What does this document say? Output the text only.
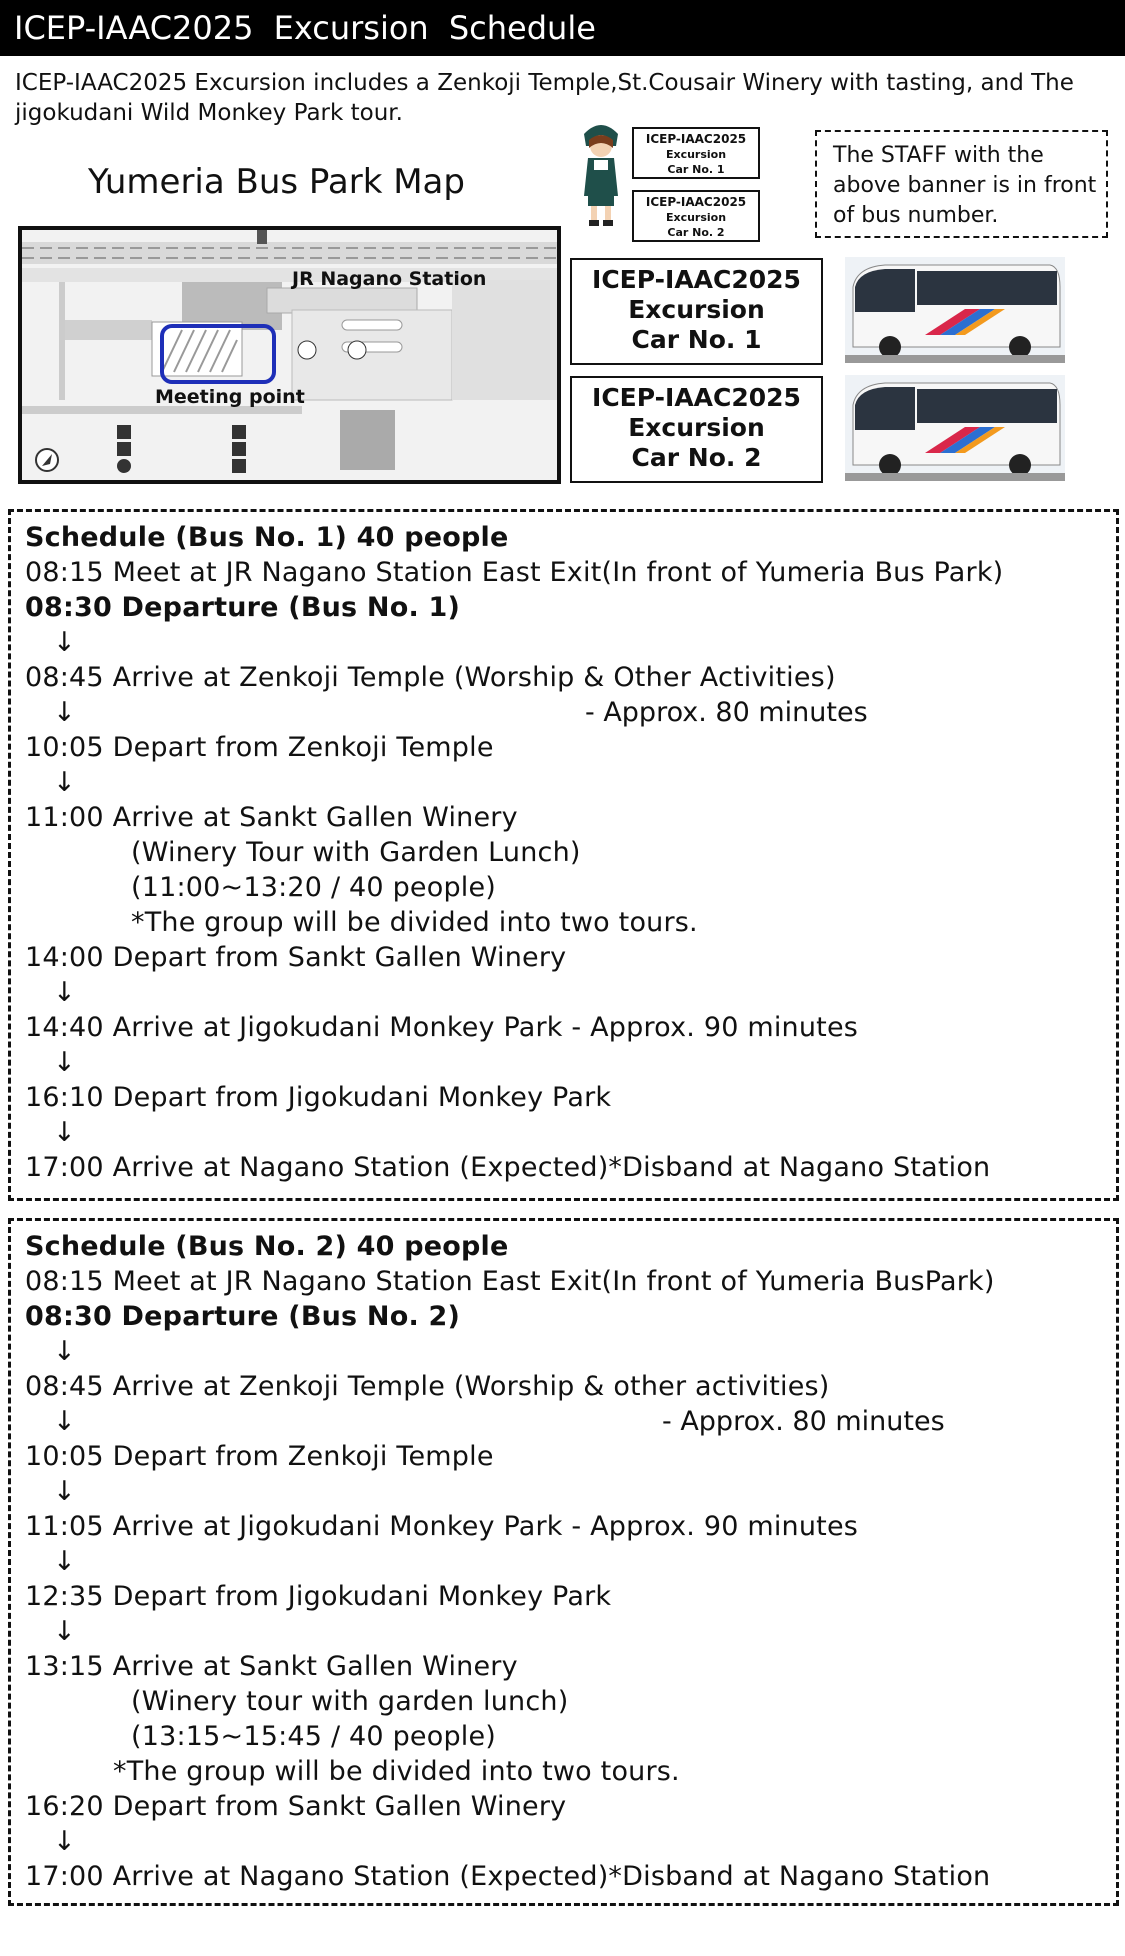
ICEP-IAAC2025 Excursion Schedule
ICEP-IAAC2025 Excursion includes a Zenkoji Temple,St.Cousair Winery with tasting, and The jigokudani Wild Monkey Park tour.
Yumeria Bus Park Map
JR Nagano Station
Meeting point
ICEP-IAAC2025
Excursion
Car No. 1
ICEP-IAAC2025
Excursion
Car No. 2
The STAFF with the above banner is in front of bus number.
ICEP-IAAC2025
Excursion
Car No. 1
ICEP-IAAC2025
Excursion
Car No. 2
Schedule (Bus No. 1) 40 people
08:15 Meet at JR Nagano Station East Exit(In front of Yumeria Bus Park)
08:30 Departure (Bus No. 1)
↓
08:45 Arrive at Zenkoji Temple (Worship & Other Activities)
↓	- Approx. 80 minutes
10:05 Depart from Zenkoji Temple
↓
11:00 Arrive at Sankt Gallen Winery
(Winery Tour with Garden Lunch)
(11:00~13:20 / 40 people)
*The group will be divided into two tours.
14:00 Depart from Sankt Gallen Winery
↓
14:40 Arrive at Jigokudani Monkey Park - Approx. 90 minutes
↓
16:10 Depart from Jigokudani Monkey Park
↓
17:00 Arrive at Nagano Station (Expected)*Disband at Nagano Station
Schedule (Bus No. 2) 40 people
08:15 Meet at JR Nagano Station East Exit(In front of Yumeria BusPark)
08:30 Departure (Bus No. 2)
↓
08:45 Arrive at Zenkoji Temple (Worship & other activities)
↓	- Approx. 80 minutes
10:05 Depart from Zenkoji Temple
↓
11:05 Arrive at Jigokudani Monkey Park - Approx. 90 minutes
↓
12:35 Depart from Jigokudani Monkey Park
↓
13:15 Arrive at Sankt Gallen Winery
(Winery tour with garden lunch)
(13:15~15:45 / 40 people)
*The group will be divided into two tours.
16:20 Depart from Sankt Gallen Winery
↓
17:00 Arrive at Nagano Station (Expected)*Disband at Nagano Station
